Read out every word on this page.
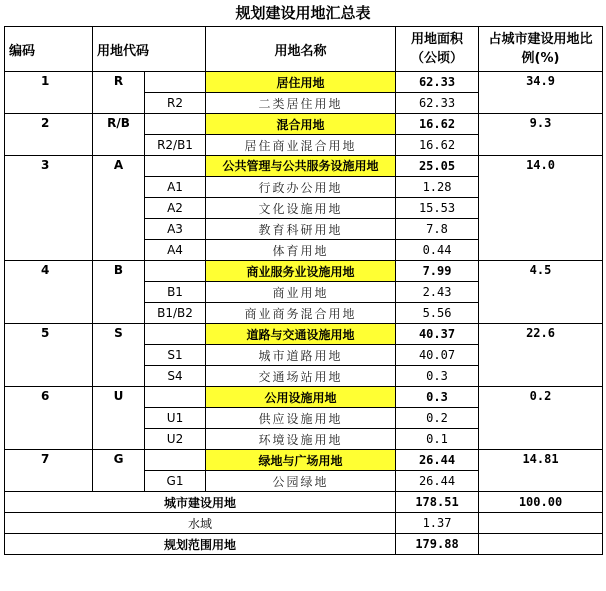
规划建设用地汇总表
编码	用地代码		用地名称	用地面积（公顷）	占城市建设用地比例(%)
1	R		居住用地	62.33	34.9
		R2	二类居住用地	62.33	
2	R/B		混合用地	16.62	9.3
		R2/B1	居住商业混合用地	16.62	
3	A		公共管理与公共服务设施用地	25.05	14.0
		A1	行政办公用地	1.28	
		A2	文化设施用地	15.53	
		A3	教育科研用地	7.8	
		A4	体育用地	0.44	
4	B		商业服务业设施用地	7.99	4.5
		B1	商业用地	2.43	
		B1/B2	商业商务混合用地	5.56	
5	S		道路与交通设施用地	40.37	22.6
		S1	城市道路用地	40.07	
		S4	交通场站用地	0.3	
6	U		公用设施用地	0.3	0.2
		U1	供应设施用地	0.2	
		U2	环境设施用地	0.1	
7	G		绿地与广场用地	26.44	14.81
		G1	公园绿地	26.44	
城市建设用地				178.51	100.00
水域				1.37	
规划范围用地				179.88	
